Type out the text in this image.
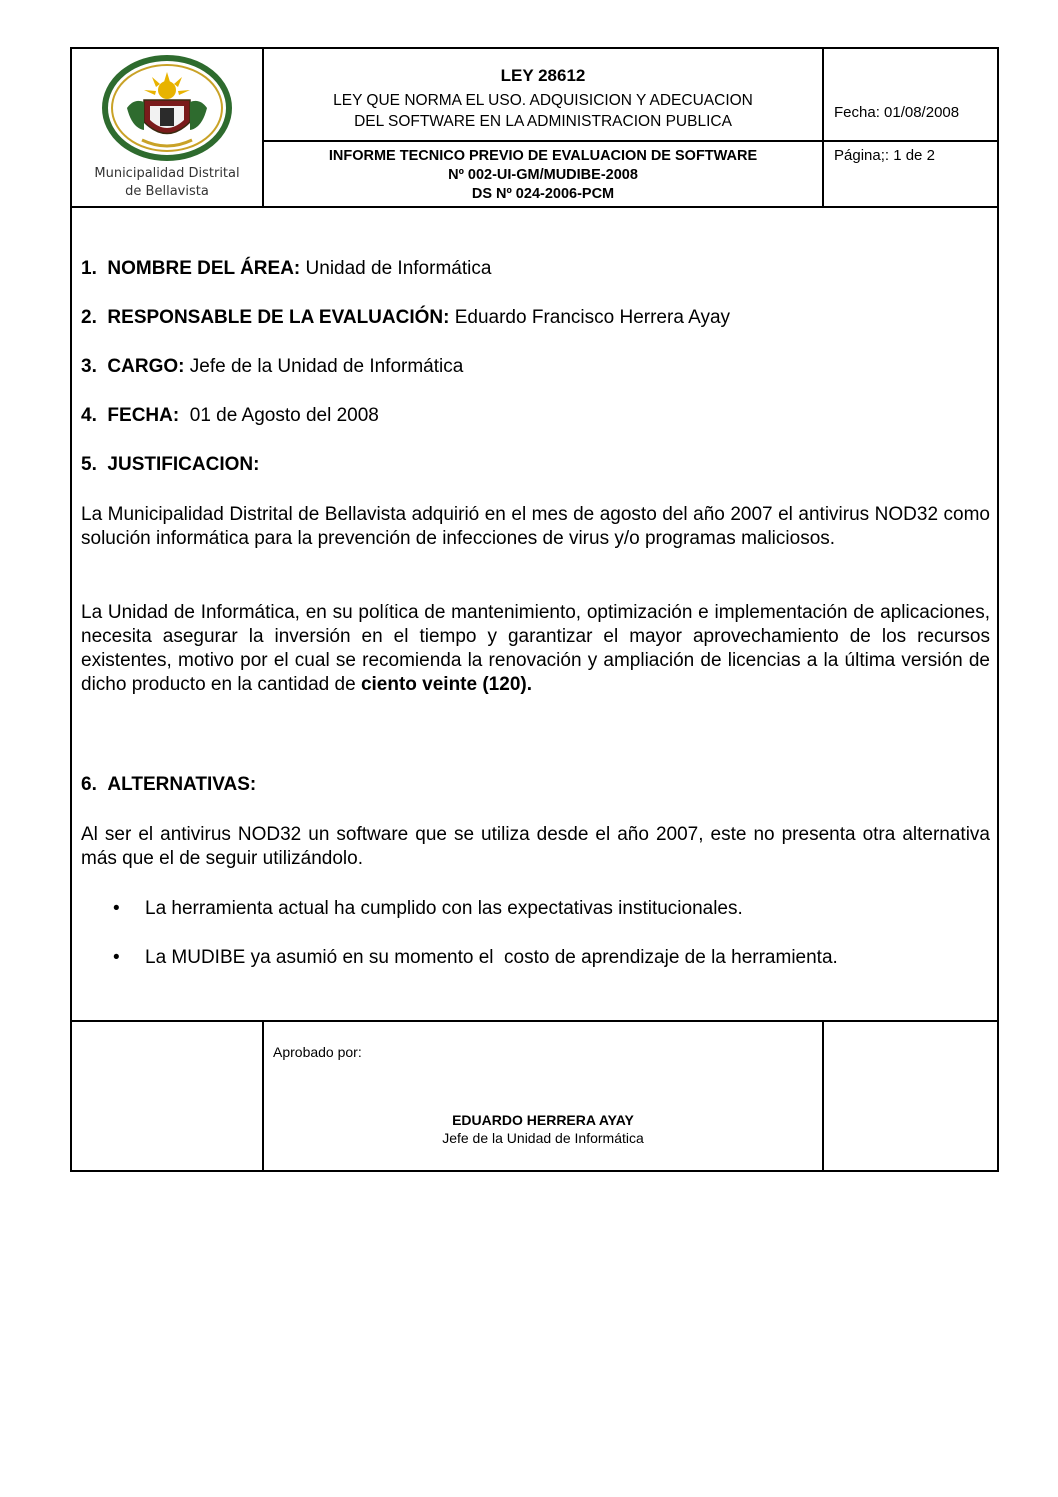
Municipalidad Distrital
de Bellavista
LEY 28612
LEY QUE NORMA EL USO. ADQUISICION Y ADECUACION
DEL SOFTWARE EN LA ADMINISTRACION PUBLICA
INFORME TECNICO PREVIO DE EVALUACION DE SOFTWARE
Nº 002-UI-GM/MUDIBE-2008
DS Nº 024-2006-PCM
Fecha: 01/08/2008
Página;: 1 de 2
1. NOMBRE DEL ÁREA: Unidad de Informática
2. RESPONSABLE DE LA EVALUACIÓN: Eduardo Francisco Herrera Ayay
3. CARGO: Jefe de la Unidad de Informática
4. FECHA:  01 de Agosto del 2008
5. JUSTIFICACION:

La Municipalidad Distrital de Bellavista adquirió en el mes de agosto del año 2007 el antivirus NOD32 como solución informática para la prevención de infecciones de virus y/o programas maliciosos.

La Unidad de Informática, en su política de mantenimiento, optimización e implementación de aplicaciones, necesita asegurar la inversión en el tiempo y garantizar el mayor aprovechamiento de los recursos existentes, motivo por el cual se recomienda la renovación y ampliación de licencias a la última versión de dicho producto en la cantidad de ciento veinte (120).

6. ALTERNATIVAS:

Al ser el antivirus NOD32 un software que se utiliza desde el año 2007, este no presenta otra alternativa más que el de seguir utilizándolo.

• La herramienta actual ha cumplido con las expectativas institucionales.
• La MUDIBE ya asumió en su momento el  costo de aprendizaje de la herramienta.
Aprobado por:
EDUARDO HERRERA AYAY
Jefe de la Unidad de Informática
